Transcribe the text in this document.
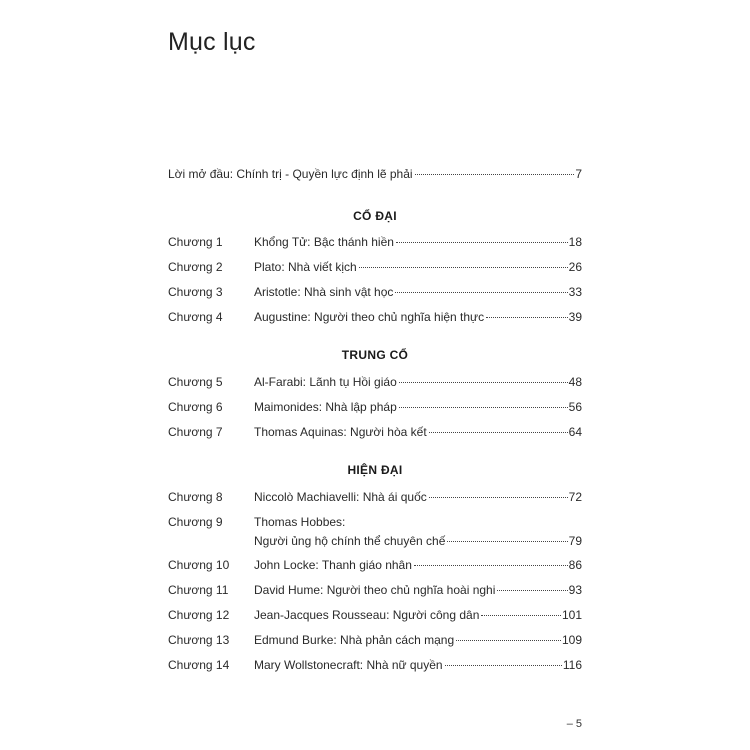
Mục lục
Lời mở đầu: Chính trị - Quyền lực định lẽ phải	7
CỔ ĐẠI
Chương 1	Khổng Tử: Bậc thánh hiền	18
Chương 2	Plato: Nhà viết kịch	26
Chương 3	Aristotle: Nhà sinh vật học	33
Chương 4	Augustine: Người theo chủ nghĩa hiện thực	39
TRUNG CỔ
Chương 5	Al-Farabi: Lãnh tụ Hồi giáo	48
Chương 6	Maimonides: Nhà lập pháp	56
Chương 7	Thomas Aquinas: Người hòa kết	64
HIỆN ĐẠI
Chương 8	Niccolò Machiavelli: Nhà ái quốc	72
Chương 9	Thomas Hobbes:
Người ủng hộ chính thể chuyên chế	79
Chương 10	John Locke: Thanh giáo nhân	86
Chương 11	David Hume: Người theo chủ nghĩa hoài nghi	93
Chương 12	Jean-Jacques Rousseau: Người công dân	101
Chương 13	Edmund Burke: Nhà phản cách mạng	109
Chương 14	Mary Wollstonecraft: Nhà nữ quyền	116
– 5
